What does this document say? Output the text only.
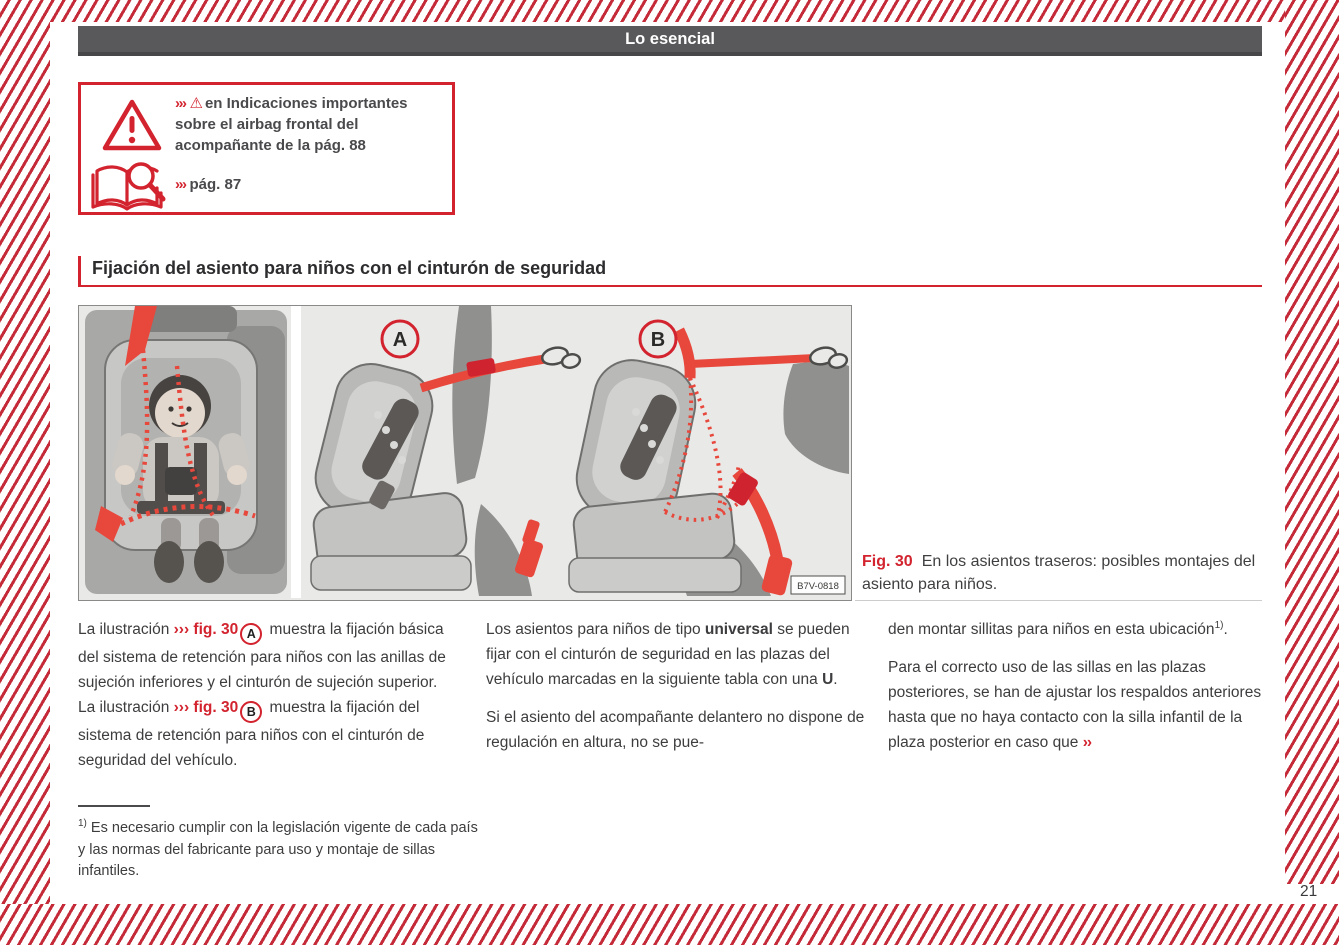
Lo esencial
››› ⚠ en Indicaciones importantes sobre el airbag frontal del acompañante de la pág. 88
››› pág. 87
Fijación del asiento para niños con el cinturón de seguridad
A	B
B7V-0818
Fig. 30 En los asientos traseros: posibles montajes del asiento para niños.

La ilustración ››› fig. 30 A muestra la fijación básica del sistema de retención para niños con las anillas de sujeción inferiores y el cinturón de sujeción superior. La ilustración ››› fig. 30 B muestra la fijación del sistema de retención para niños con el cinturón de seguridad del vehículo.

Los asientos para niños de tipo universal se pueden fijar con el cinturón de seguridad en las plazas del vehículo marcadas en la siguiente tabla con una U.

Si el asiento del acompañante delantero no dispone de regulación en altura, no se pue-

den montar sillitas para niños en esta ubicación$^{1)}$.

Para el correcto uso de las sillas en las plazas posteriores, se han de ajustar los respaldos anteriores hasta que no haya contacto con la silla infantil de la plaza posterior en caso que ››

$^{1)}$ Es necesario cumplir con la legislación vigente de cada país y las normas del fabricante para uso y montaje de sillas infantiles.
21
